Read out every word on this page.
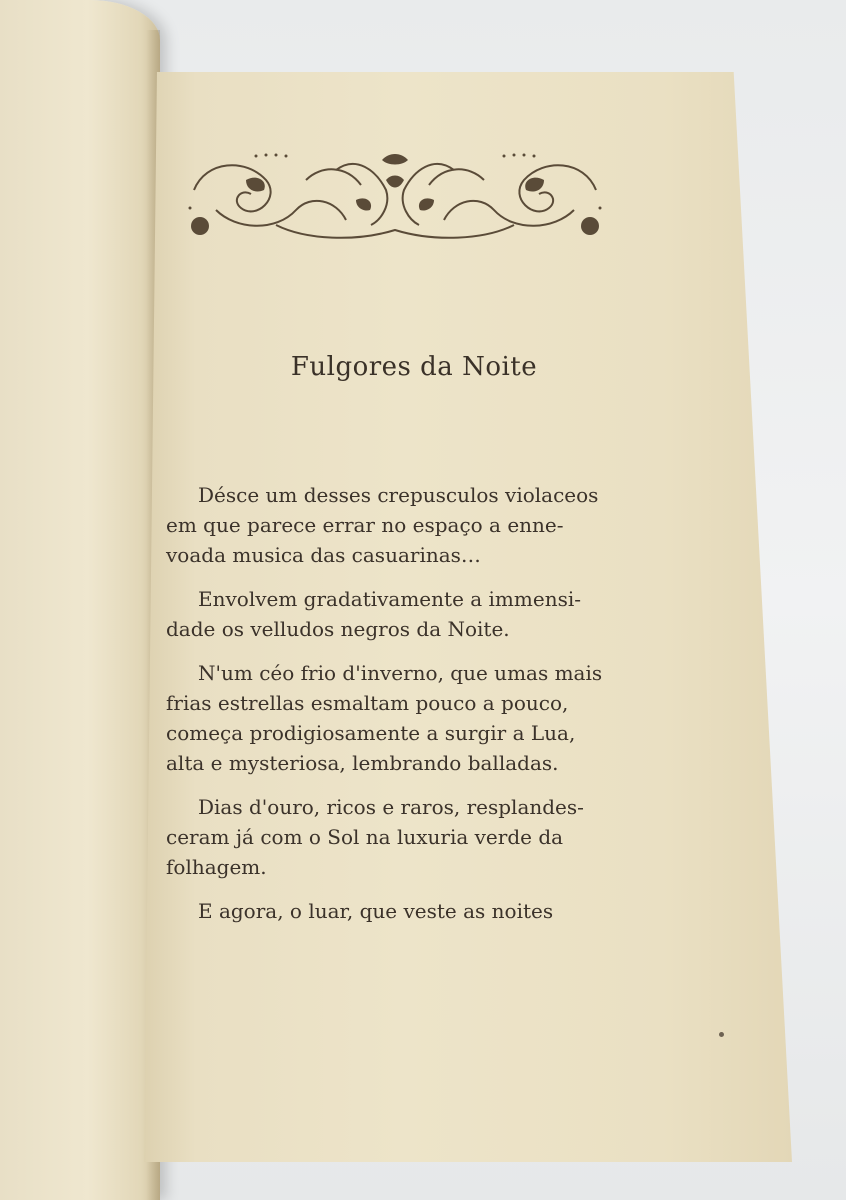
Fulgores da Noite
Désce um desses crepusculos violaceos
em que parece errar no espaço a enne-
voada musica das casuarinas…
Envolvem gradativamente a immensi-
dade os velludos negros da Noite.
N'um céo frio d'inverno, que umas mais
frias estrellas esmaltam pouco a pouco,
começa prodigiosamente a surgir a Lua,
alta e mysteriosa, lembrando balladas.
Dias d'ouro, ricos e raros, resplandes-
ceram já com o Sol na luxuria verde da
folhagem.
E agora, o luar, que veste as noites
